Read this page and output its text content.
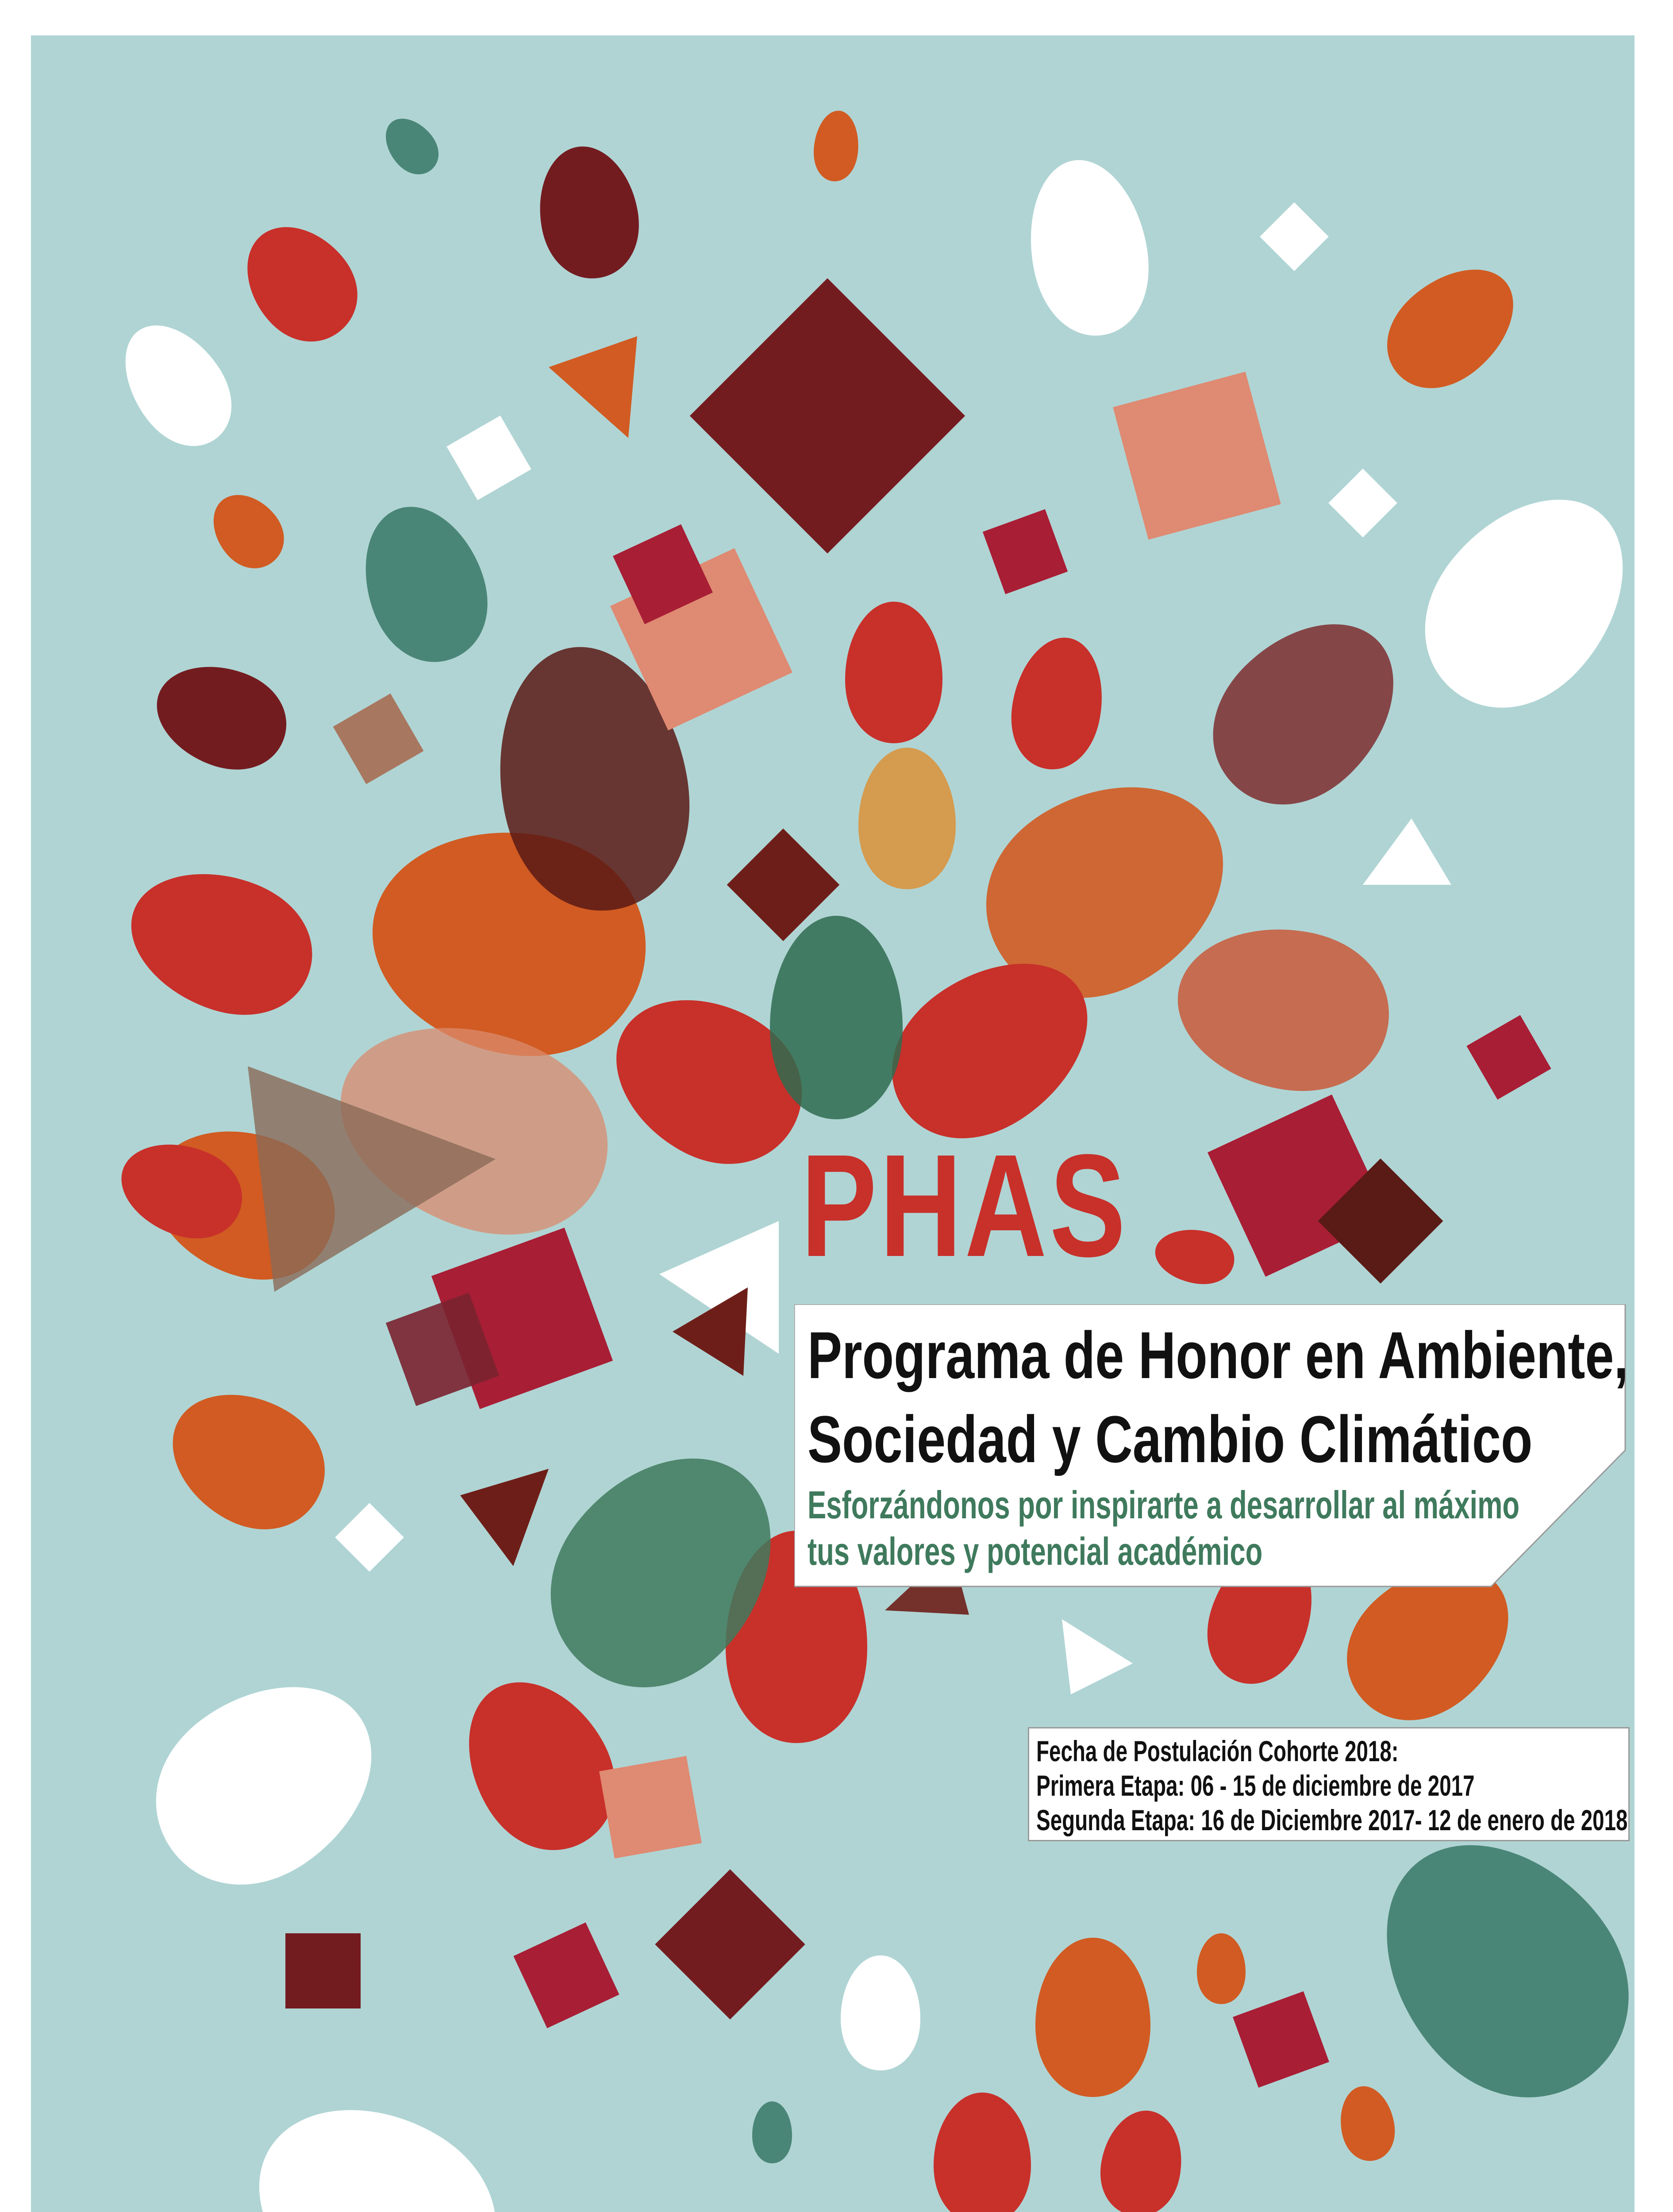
PHAS
Programa de Honor en Ambiente,
Sociedad y Cambio Climático

Esforzándonos por inspirarte a desarrollar al máximo

tus valores y potencial académico

Fecha de Postulación Cohorte 2018:
Primera Etapa: 06 - 15 de diciembre de 2017
Segunda Etapa: 16 de Diciembre 2017- 12 de enero de 2018
